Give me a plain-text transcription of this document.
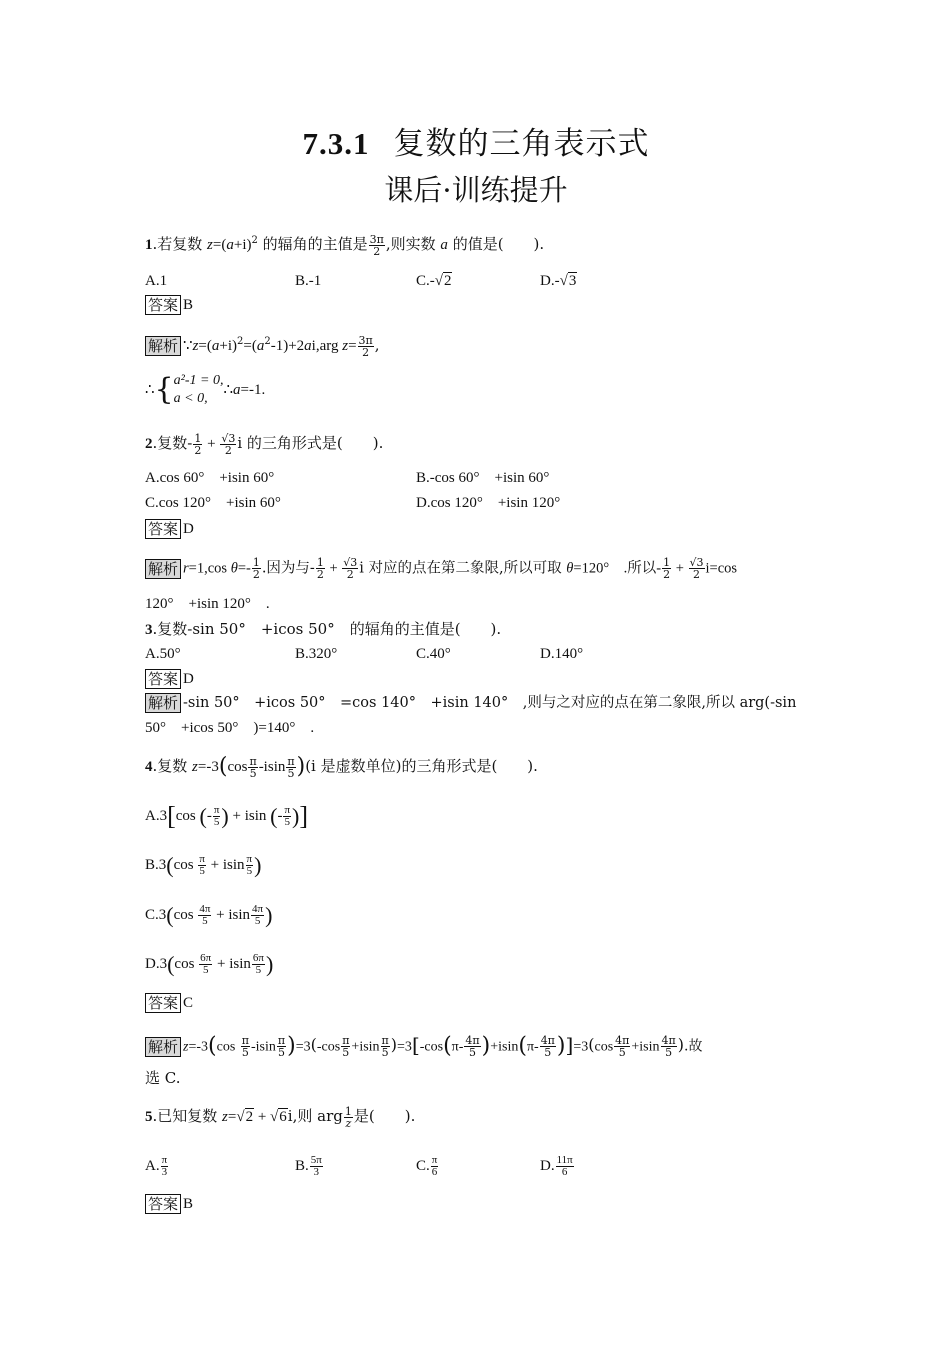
7.3.1 复数的三角表示式
课后·训练提升
1.若复数 $z=(a+i)^2$ 的辐角的主值是 $\frac{3\pi}{2}$ ,则实数 a 的值是(　　).
A.1	B.-1	C.-√2	D.-√3
答案 B
解析 $\because z=(a+i)^2=(a^2-1)+2ai,arg$ $z= \frac{3\pi}{2}$ ,
∴{ a²-1 = 0,
a < 0,
∴a=-1.
2.复数- $\frac{1}{2} + \frac{√3}{2}$ i 的三角形式是(　　).
A.cos 60°　+isin 60°	B.-cos 60°　+isin 60°
C.cos 120°　+isin 60°	D.cos 120°　+isin 120°
答案 D
解析 r=1,cos $\theta=- \frac{1}{2}$ .因为与- $\frac{1}{2} + \frac{√3}{2}$ i 对应的点在第二象限,所以可取 θ=120°　.所以- $\frac{1}{2} + \frac{√3}{2} i=\cos$
120°　+isin 120°　.
3.复数-sin 50°　+icos 50°　的辐角的主值是(　　).
A.50°	B.320°	C.40°	D.140°
答案 D
解析 -sin 50°　+icos 50°　=cos 140°　+isin 140°　,则与之对应的点在第二象限,所以 arg(-sin
50°　+icos 50°　)=140°　.
4.复数 $z=-3(\cos \frac{\pi}{5} -isin \frac{\pi}{5} )(i$ 是虚数单位)的三角形式是(　　).
A.3[cos (- $\frac{\pi}{5}$ ) + isin (- $\frac{\pi}{5}$ )]
$B.3(\cos \frac{\pi}{5} + isin \frac{\pi}{5}$ )
$C.3(\cos \frac{4\pi}{5} + isin \frac{4\pi}{5}$ )
$D.3(\cos \frac{6\pi}{5} + isin \frac{6\pi}{5}$ )
答案 C
解析 $z=-3(\cos \frac{\pi}{5} -isin \frac{\pi}{5} )=3(-\cos \frac{\pi}{5} +isin \frac{\pi}{5} )=3[-\cos(\pi- \frac{4\pi}{5} )+isin(\pi- \frac{4\pi}{5} )]=3(\cos \frac{4\pi}{5} +isin \frac{4\pi}{5}$ ).故
选 C.
5.已知复数 z=√2 + √6i,则 arg $\frac{1}{z}$ 是(　　).
A. $\frac{\pi}{3}$	B. $\frac{5\pi}{3}$	C. $\frac{\pi}{6}$	D. $\frac{11\pi}{6}$
答案 B
